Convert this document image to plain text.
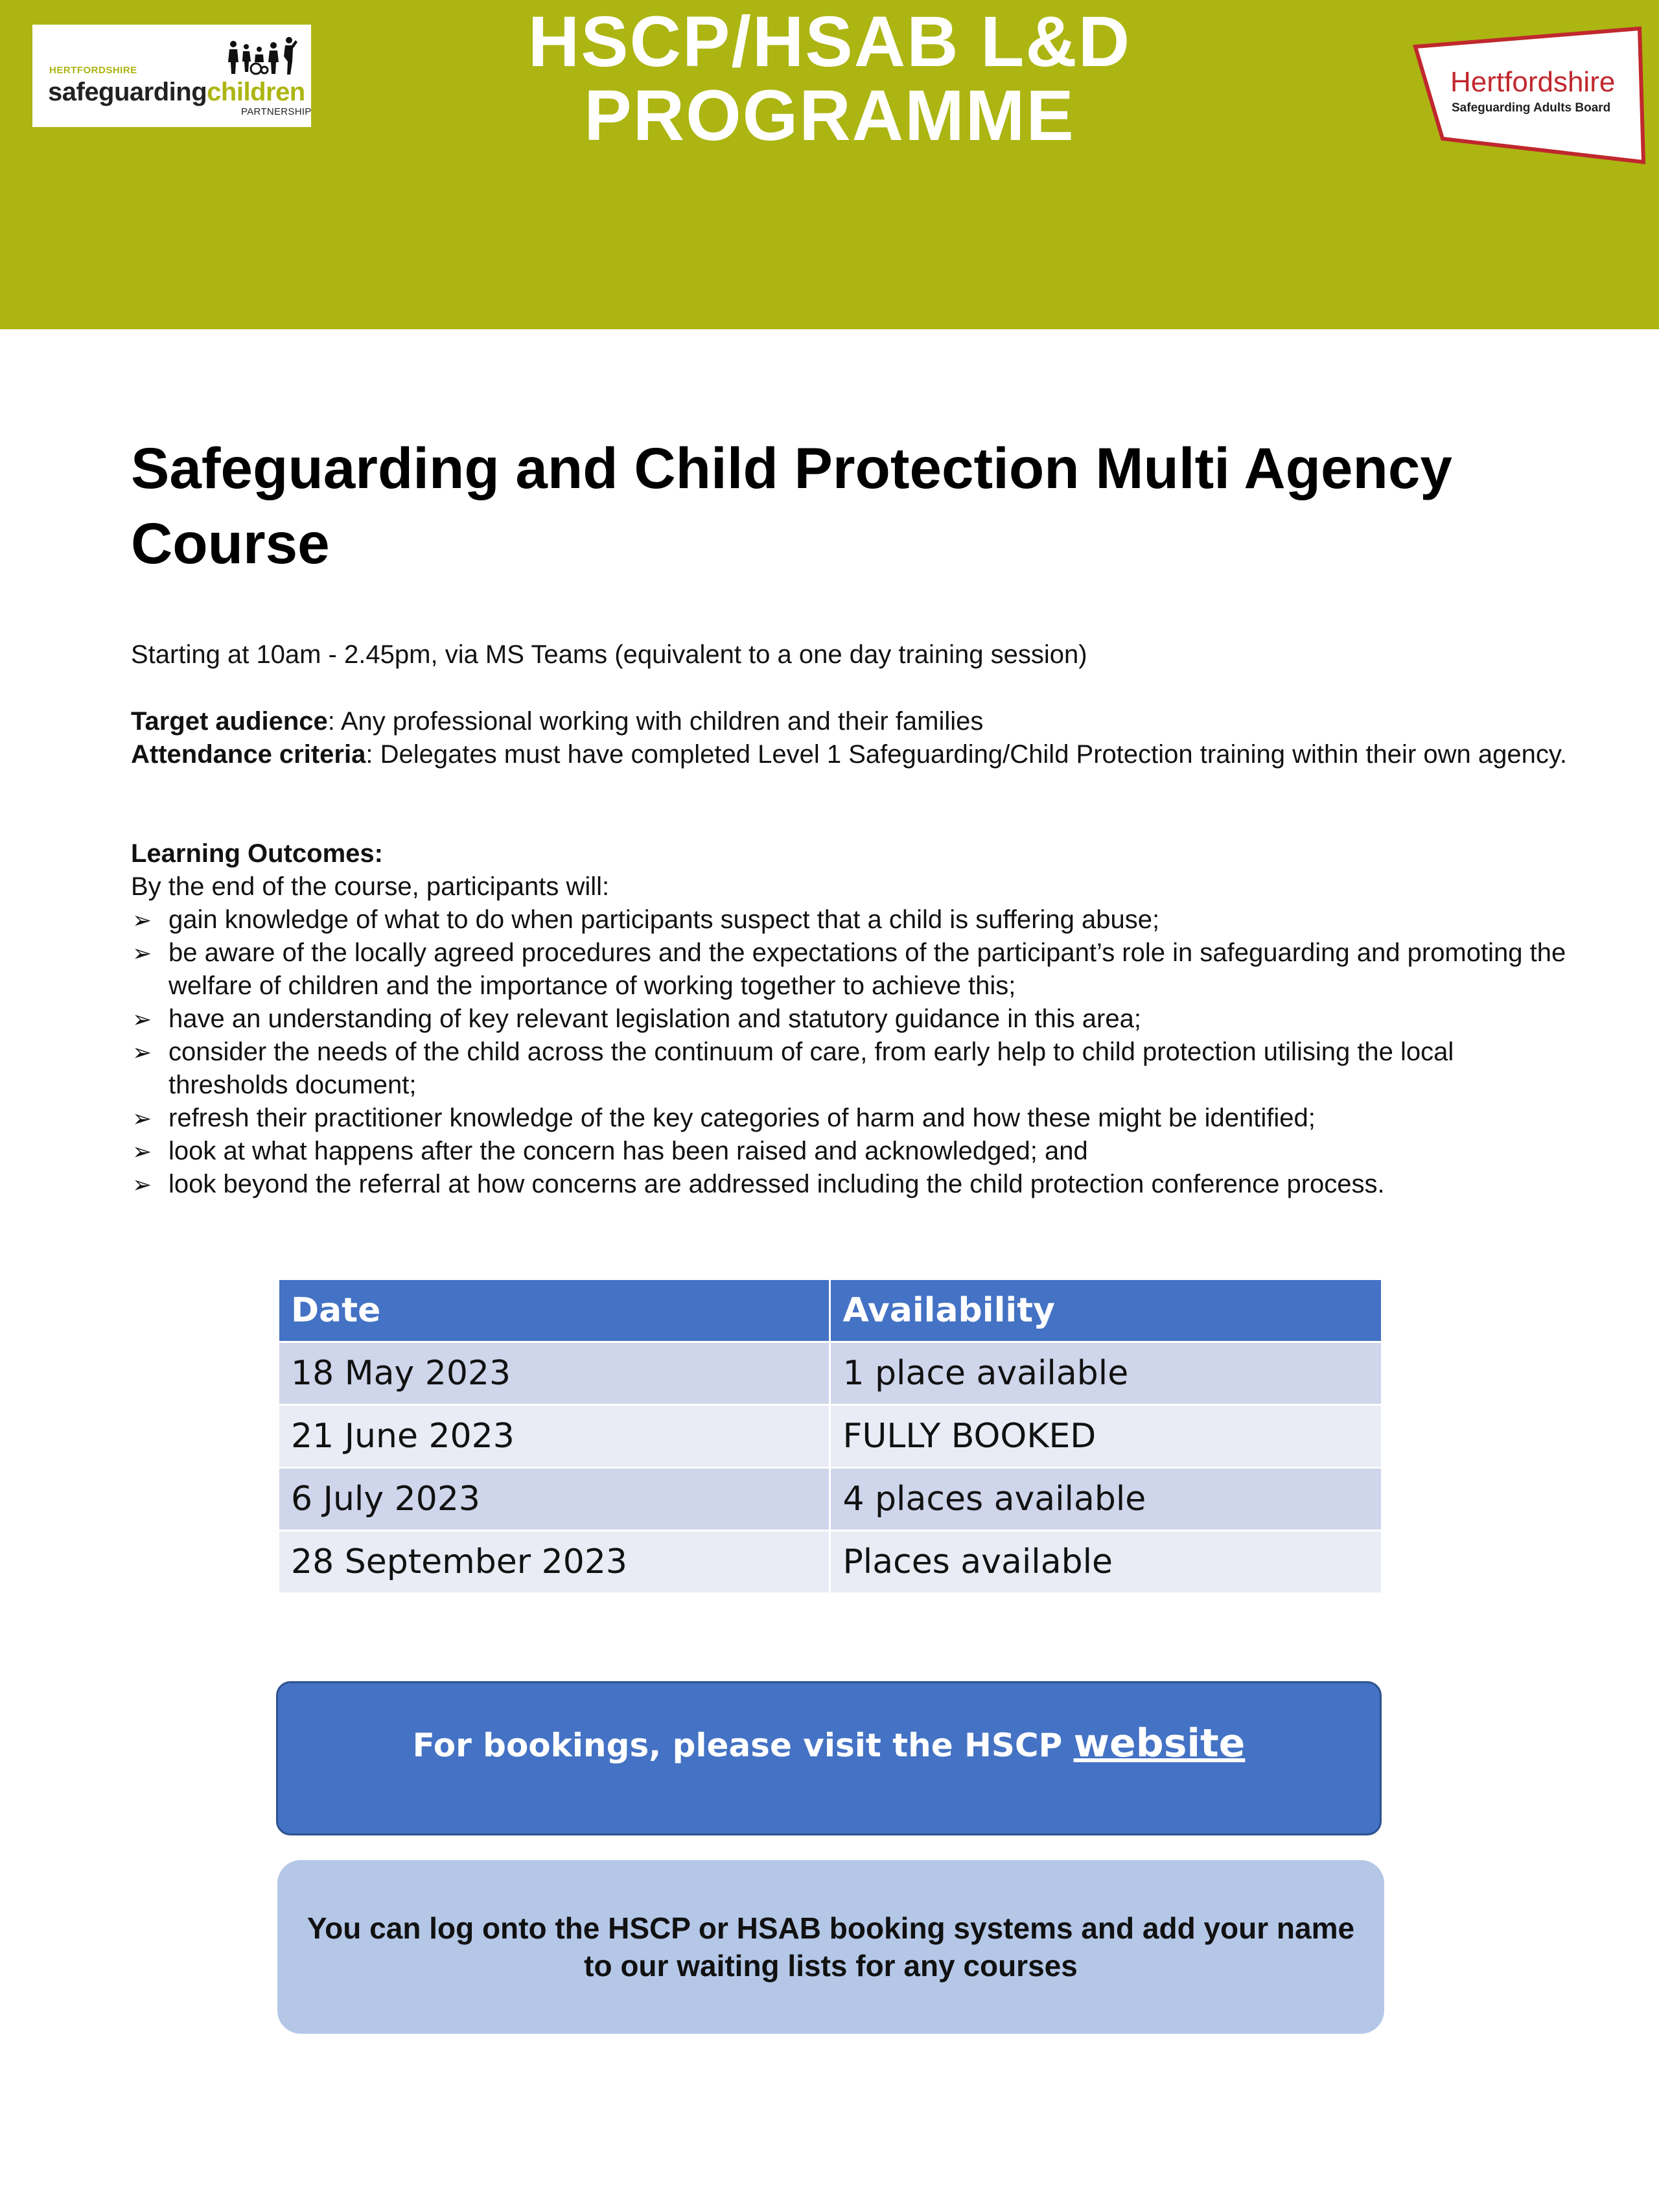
HERTFORDSHIRE
safeguardingchildren
PARTNERSHIP
HSCP/HSAB L&D
PROGRAMME	Hertfordshire
Safeguarding Adults Board
Safeguarding and Child Protection Multi Agency Course
Starting at 10am - 2.45pm, via MS Teams (equivalent to a one day training session)
Target audience: Any professional working with children and their families
Attendance criteria: Delegates must have completed Level 1 Safeguarding/Child Protection training within their own agency.
Learning Outcomes:
By the end of the course, participants will:
➢ gain knowledge of what to do when participants suspect that a child is suffering abuse;
➢ be aware of the locally agreed procedures and the expectations of the participant’s role in safeguarding and promoting the welfare of children and the importance of working together to achieve this;
➢ have an understanding of key relevant legislation and statutory guidance in this area;
➢ consider the needs of the child across the continuum of care, from early help to child protection utilising the local thresholds document;
➢ refresh their practitioner knowledge of the key categories of harm and how these might be identified;
➢ look at what happens after the concern has been raised and acknowledged; and
➢ look beyond the referral at how concerns are addressed including the child protection conference process.
Date	Availability
18 May 2023	1 place available
21 June 2023	FULLY BOOKED
6 July 2023	4 places available
28 September 2023	Places available
For bookings, please visit the HSCP website
You can log onto the HSCP or HSAB booking systems and add your name to our waiting lists for any courses
